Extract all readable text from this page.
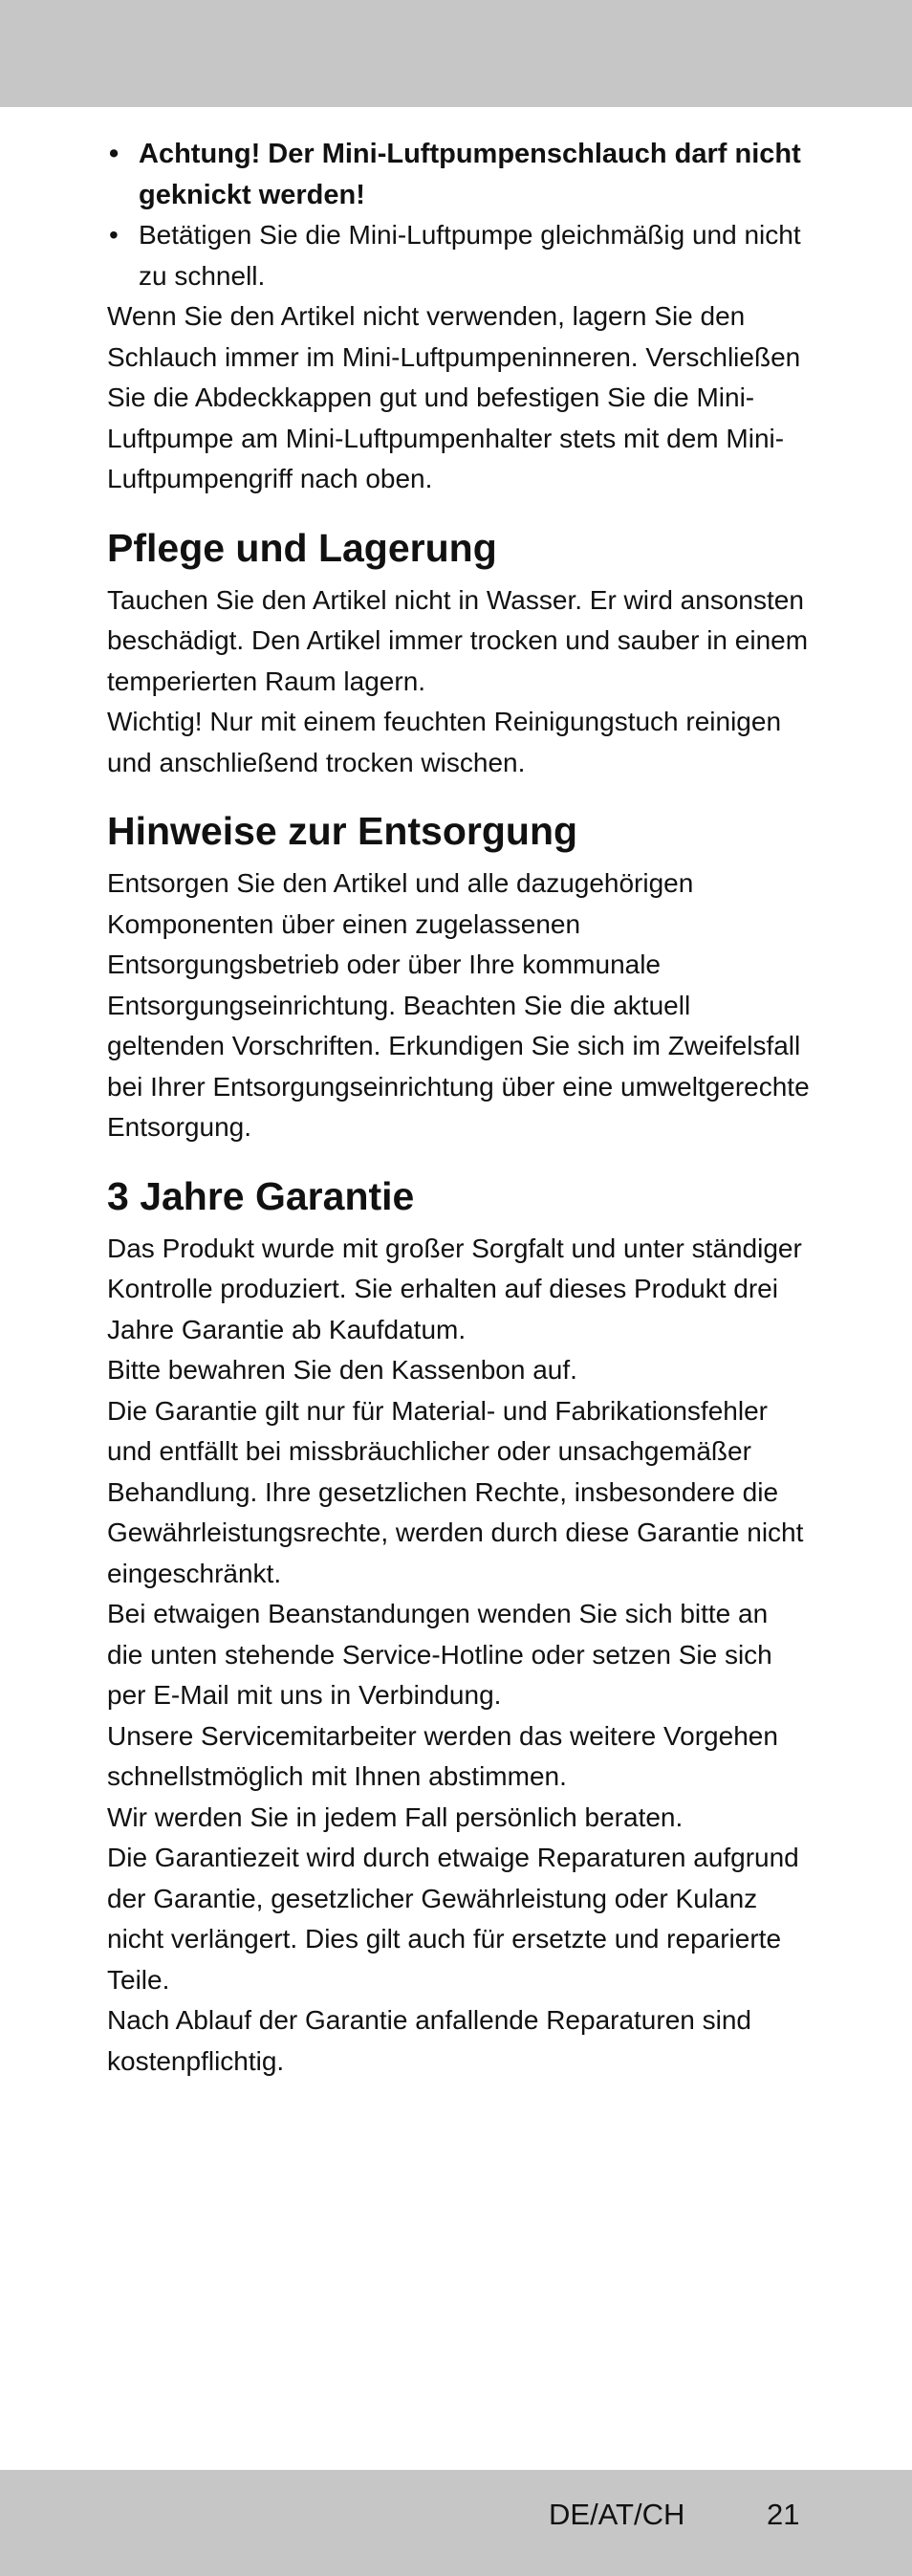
• Achtung! Der Mini-Luftpumpenschlauch darf nicht geknickt werden!
• Betätigen Sie die Mini-Luftpumpe gleichmäßig und nicht zu schnell.

Wenn Sie den Artikel nicht verwenden, lagern Sie den Schlauch immer im Mini-Luftpumpeninneren. Verschließen Sie die Abdeckkappen gut und befestigen Sie die Mini-Luftpumpe am Mini-Luftpumpenhalter stets mit dem Mini-Luftpumpengriff nach oben.

Pflege und Lagerung

Tauchen Sie den Artikel nicht in Wasser. Er wird ansonsten beschädigt. Den Artikel immer trocken und sauber in einem temperierten Raum lagern.

Wichtig! Nur mit einem feuchten Reinigungstuch reinigen und anschließend trocken wischen.

Hinweise zur Entsorgung

Entsorgen Sie den Artikel und alle dazugehörigen Komponenten über einen zugelassenen Entsorgungsbetrieb oder über Ihre kommunale Entsorgungseinrichtung. Beachten Sie die aktuell geltenden Vorschriften. Erkundigen Sie sich im Zweifelsfall bei Ihrer Entsorgungseinrichtung über eine umweltgerechte Entsorgung.

3 Jahre Garantie

Das Produkt wurde mit großer Sorgfalt und unter ständiger Kontrolle produziert. Sie erhalten auf dieses Produkt drei Jahre Garantie ab Kaufdatum.

Bitte bewahren Sie den Kassenbon auf.

Die Garantie gilt nur für Material- und Fabrikationsfehler und entfällt bei missbräuchlicher oder unsachgemäßer Behandlung. Ihre gesetzlichen Rechte, insbesondere die Gewährleistungsrechte, werden durch diese Garantie nicht eingeschränkt.

Bei etwaigen Beanstandungen wenden Sie sich bitte an die unten stehende Service-Hotline oder setzen Sie sich per E-Mail mit uns in Verbindung.

Unsere Servicemitarbeiter werden das weitere Vorgehen schnellstmöglich mit Ihnen abstimmen.

Wir werden Sie in jedem Fall persönlich beraten.

Die Garantiezeit wird durch etwaige Reparaturen aufgrund der Garantie, gesetzlicher Gewährleistung oder Kulanz nicht verlängert. Dies gilt auch für ersetzte und reparierte Teile.

Nach Ablauf der Garantie anfallende Reparaturen sind kostenpflichtig.

DE/AT/CH	21
